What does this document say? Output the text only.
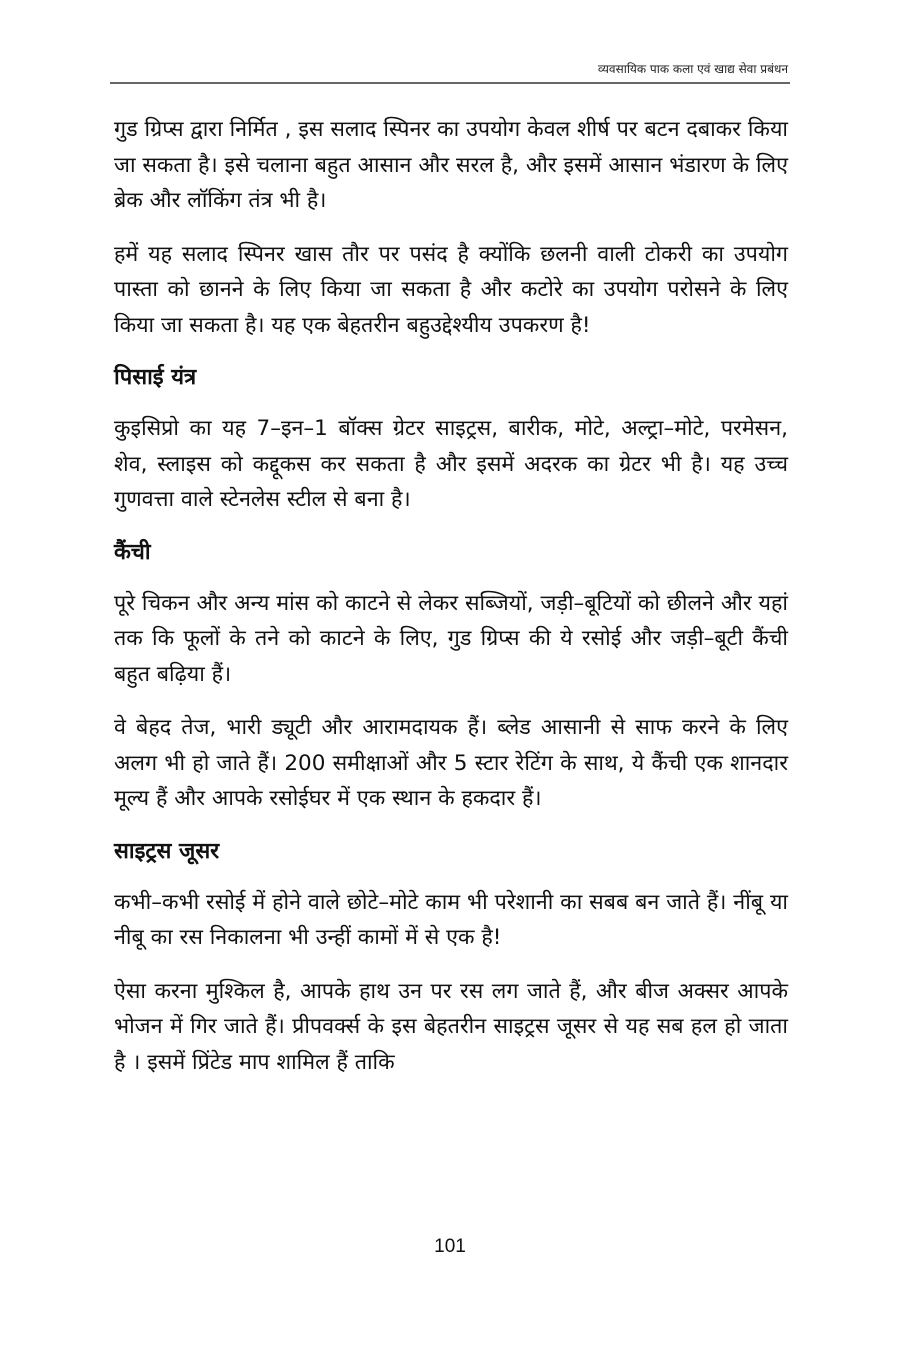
व्यवसायिक पाक कला एवं खाद्य सेवा प्रबंधन

गुड ग्रिप्स द्वारा निर्मित , इस सलाद स्पिनर का उपयोग केवल शीर्ष पर बटन दबाकर किया जा सकता है। इसे चलाना बहुत आसान और सरल है, और इसमें आसान भंडारण के लिए ब्रेक और लॉकिंग तंत्र भी है।

हमें यह सलाद स्पिनर खास तौर पर पसंद है क्योंकि छलनी वाली टोकरी का उपयोग पास्ता को छानने के लिए किया जा सकता है और कटोरे का उपयोग परोसने के लिए किया जा सकता है। यह एक बेहतरीन बहुउद्देश्यीय उपकरण है!

पिसाई यंत्र

कुइसिप्रो का यह 7–इन–1 बॉक्स ग्रेटर साइट्रस, बारीक, मोटे, अल्ट्रा–मोटे, परमेसन, शेव, स्लाइस को कद्दूकस कर सकता है और इसमें अदरक का ग्रेटर भी है। यह उच्च गुणवत्ता वाले स्टेनलेस स्टील से बना है।

कैंची

पूरे चिकन और अन्य मांस को काटने से लेकर सब्जियों, जड़ी–बूटियों को छीलने और यहां तक कि फूलों के तने को काटने के लिए, गुड ग्रिप्स की ये रसोई और जड़ी–बूटी कैंची बहुत बढ़िया हैं।

वे बेहद तेज, भारी ड्यूटी और आरामदायक हैं। ब्लेड आसानी से साफ करने के लिए अलग भी हो जाते हैं। 200 समीक्षाओं और 5 स्टार रेटिंग के साथ, ये कैंची एक शानदार मूल्य हैं और आपके रसोईघर में एक स्थान के हकदार हैं।

साइट्रस जूसर

कभी–कभी रसोई में होने वाले छोटे–मोटे काम भी परेशानी का सबब बन जाते हैं। नींबू या नीबू का रस निकालना भी उन्हीं कामों में से एक है!

ऐसा करना मुश्किल है, आपके हाथ उन पर रस लग जाते हैं, और बीज अक्सर आपके भोजन में गिर जाते हैं। प्रीपवर्क्स के इस बेहतरीन साइट्रस जूसर से यह सब हल हो जाता है । इसमें प्रिंटेड माप शामिल हैं ताकि

101
